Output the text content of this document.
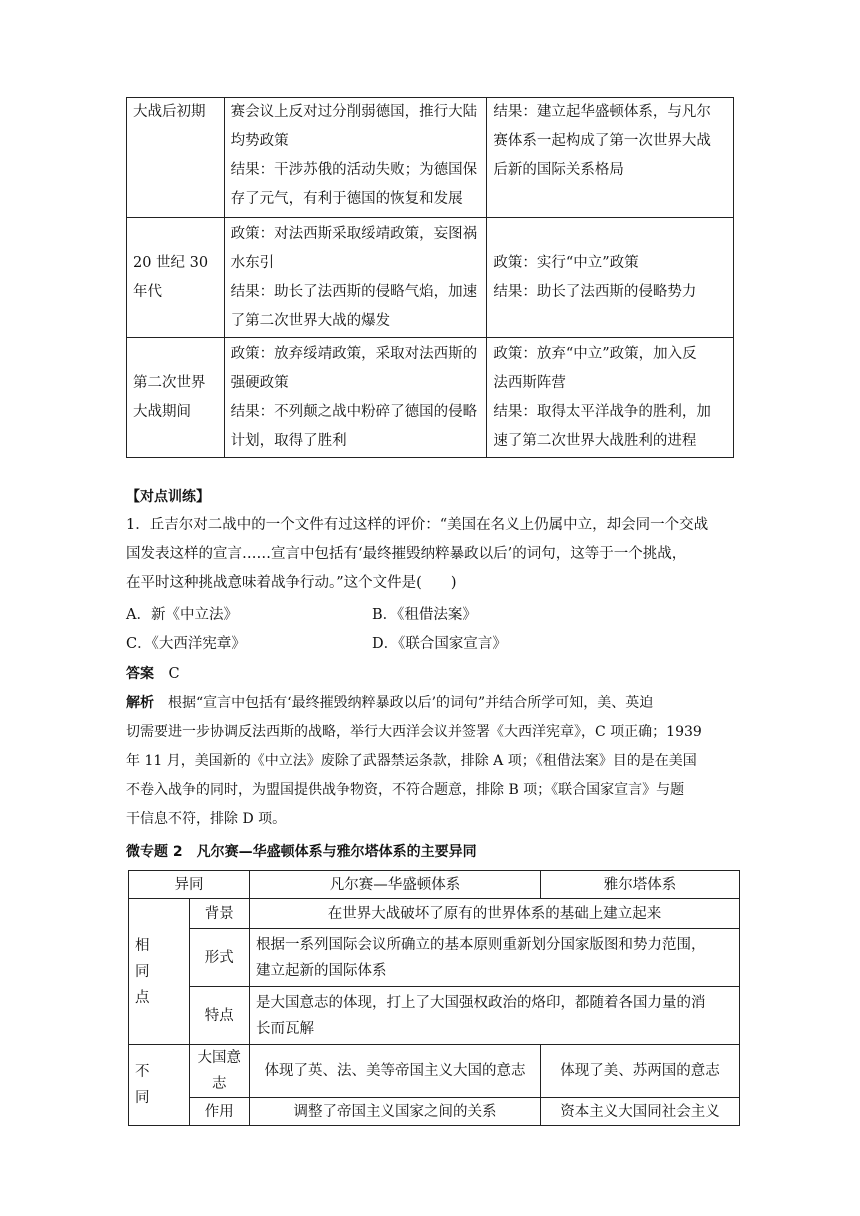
大战后初期	赛会议上反对过分削弱德国，推行大陆
均势政策
结果：干涉苏俄的活动失败；为德国保
存了元气，有利于德国的恢复和发展	结果：建立起华盛顿体系，与凡尔
赛体系一起构成了第一次世界大战
后新的国际关系格局

20 世纪 30
年代	政策：对法西斯采取绥靖政策，妄图祸
水东引
结果：助长了法西斯的侵略气焰，加速
了第二次世界大战的爆发	政策：实行“中立”政策
结果：助长了法西斯的侵略势力

第二次世界
大战期间	政策：放弃绥靖政策，采取对法西斯的
强硬政策
结果：不列颠之战中粉碎了德国的侵略
计划，取得了胜利	政策：放弃“中立”政策，加入反
法西斯阵营
结果：取得太平洋战争的胜利，加
速了第二次世界大战胜利的进程
【对点训练】
1．丘吉尔对二战中的一个文件有过这样的评价：“美国在名义上仍属中立，却会同一个交战
国发表这样的宣言……宣言中包括有‘最终摧毁纳粹暴政以后’的词句，这等于一个挑战，
在平时这种挑战意味着战争行动。”这个文件是(　　)
A．新《中立法》	B．《租借法案》
C．《大西洋宪章》	D．《联合国家宣言》
答案　 C
解析　 根据“宣言中包括有‘最终摧毁纳粹暴政以后’的词句”并结合所学可知，美、英迫
切需要进一步协调反法西斯的战略，举行大西洋会议并签署《大西洋宪章》，C 项正确；1939
年 11 月，美国新的《中立法》废除了武器禁运条款，排除 A 项；《租借法案》目的是在美国
不卷入战争的同时，为盟国提供战争物资，不符合题意，排除 B 项；《联合国家宣言》与题
干信息不符，排除 D 项。
微专题 2　凡尔赛—华盛顿体系与雅尔塔体系的主要异同
异同		凡尔赛—华盛顿体系	雅尔塔体系

相
同
点	背景	在世界大战破坏了原有的世界体系的基础上建立起来	
	形式	根据一系列国际会议所确立的基本原则重新划分国家版图和势力范围，
建立起新的国际体系	

	特点	是大国意志的体现，打上了大国强权政治的烙印，都随着各国力量的消
长而瓦解	

不
同	大国意志	体现了英、法、美等帝国主义大国的意志	体现了美、苏两国的意志
	作用	调整了帝国主义国家之间的关系	资本主义大国同社会主义
